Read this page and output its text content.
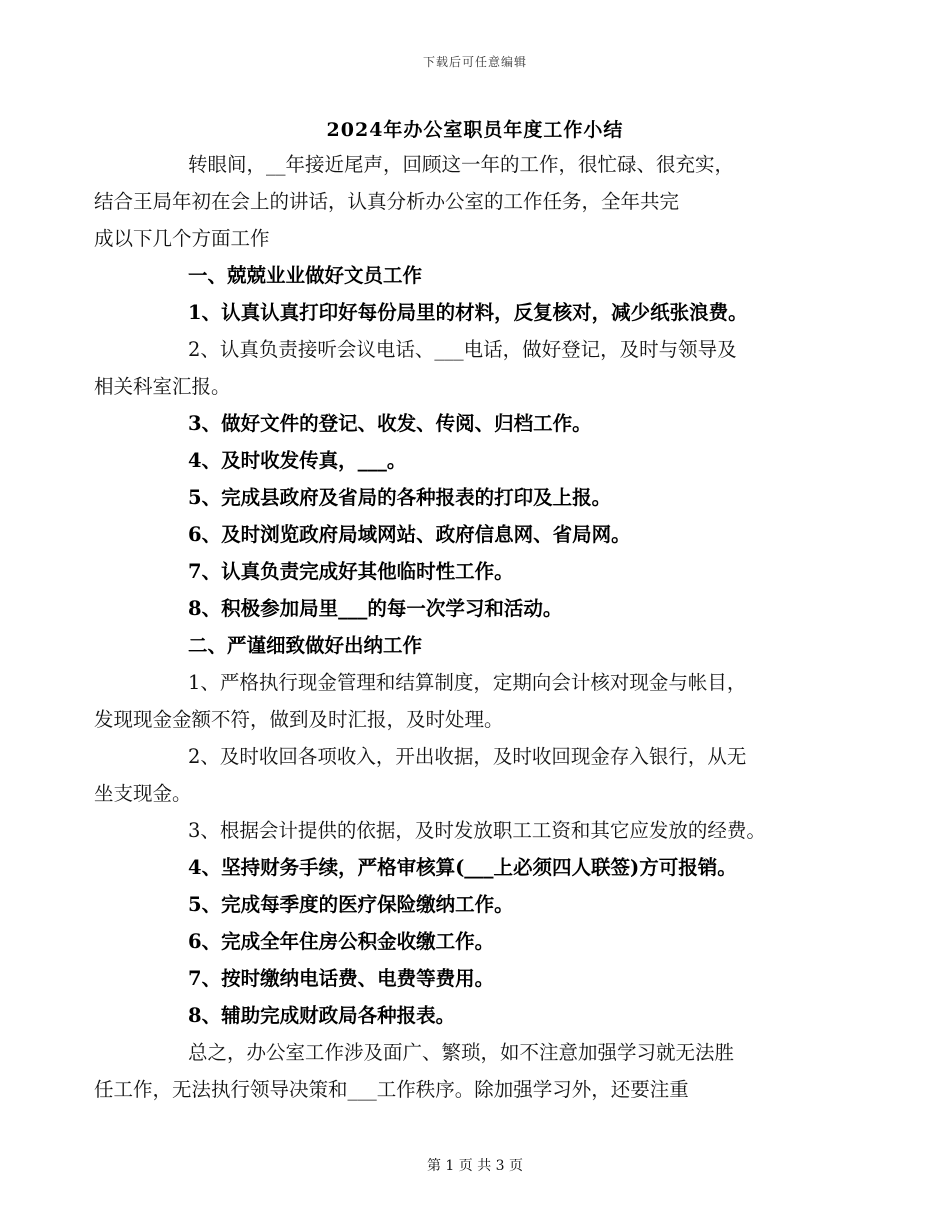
下载后可任意编辑
2024年办公室职员年度工作小结
转眼间，__年接近尾声，回顾这一年的工作，很忙碌、很充实，
结合王局年初在会上的讲话，认真分析办公室的工作任务，全年共完
成以下几个方面工作
一、兢兢业业做好文员工作
1、认真认真打印好每份局里的材料，反复核对，减少纸张浪费。
2、认真负责接听会议电话、___电话，做好登记，及时与领导及
相关科室汇报。
3、做好文件的登记、收发、传阅、归档工作。
4、及时收发传真，___。
5、完成县政府及省局的各种报表的打印及上报。
6、及时浏览政府局域网站、政府信息网、省局网。
7、认真负责完成好其他临时性工作。
8、积极参加局里___的每一次学习和活动。
二、严谨细致做好出纳工作
1、严格执行现金管理和结算制度，定期向会计核对现金与帐目，
发现现金金额不符，做到及时汇报，及时处理。
2、及时收回各项收入，开出收据，及时收回现金存入银行，从无
坐支现金。
3、根据会计提供的依据，及时发放职工工资和其它应发放的经费。
4、坚持财务手续，严格审核算(___上必须四人联签)方可报销。
5、完成每季度的医疗保险缴纳工作。
6、完成全年住房公积金收缴工作。
7、按时缴纳电话费、电费等费用。
8、辅助完成财政局各种报表。
总之，办公室工作涉及面广、繁琐，如不注意加强学习就无法胜
任工作，无法执行领导决策和___工作秩序。除加强学习外，还要注重
第 1 页 共 3 页
